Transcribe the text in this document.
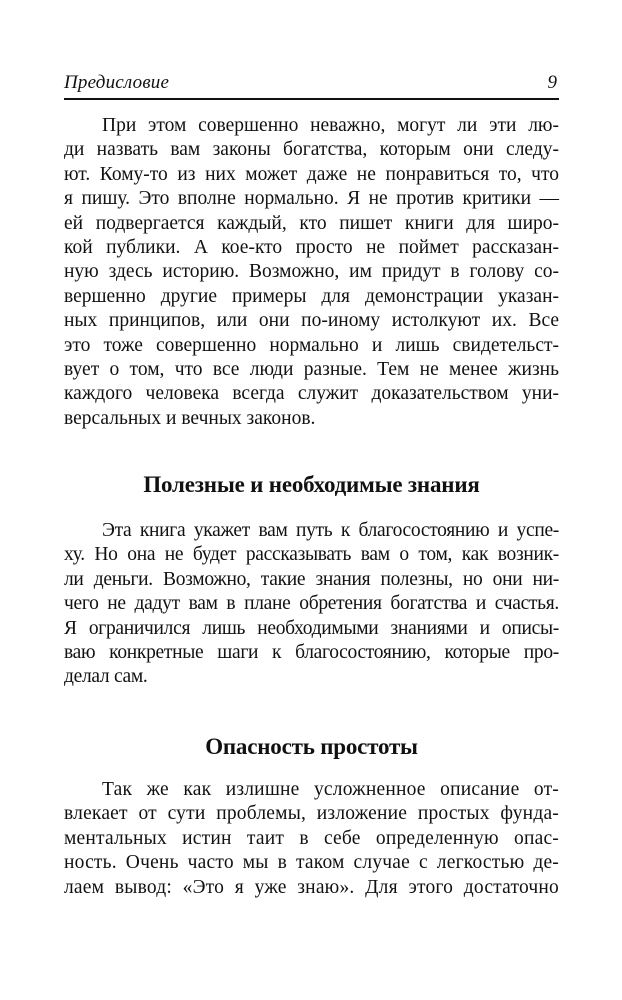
Предисловие	9
При этом совершенно неважно, могут ли эти лю-
ди назвать вам законы богатства, которым они следу-
ют. Кому-то из них может даже не понравиться то, что
я пишу. Это вполне нормально. Я не против критики —
ей подвергается каждый, кто пишет книги для широ-
кой публики. А кое-кто просто не поймет рассказан-
ную здесь историю. Возможно, им придут в голову со-
вершенно другие примеры для демонстрации указан-
ных принципов, или они по-иному истолкуют их. Все
это тоже совершенно нормально и лишь свидетельст-
вует о том, что все люди разные. Тем не менее жизнь
каждого человека всегда служит доказательством уни-
версальных и вечных законов.
Полезные и необходимые знания
Эта книга укажет вам путь к благосостоянию и успе-
ху. Но она не будет рассказывать вам о том, как возник-
ли деньги. Возможно, такие знания полезны, но они ни-
чего не дадут вам в плане обретения богатства и счастья.
Я ограничился лишь необходимыми знаниями и описы-
ваю конкретные шаги к благосостоянию, которые про-
делал сам.
Опасность простоты
Так же как излишне усложненное описание от-
влекает от сути проблемы, изложение простых фунда-
ментальных истин таит в себе определенную опас-
ность. Очень часто мы в таком случае с легкостью де-
лаем вывод: «Это я уже знаю». Для этого достаточно
